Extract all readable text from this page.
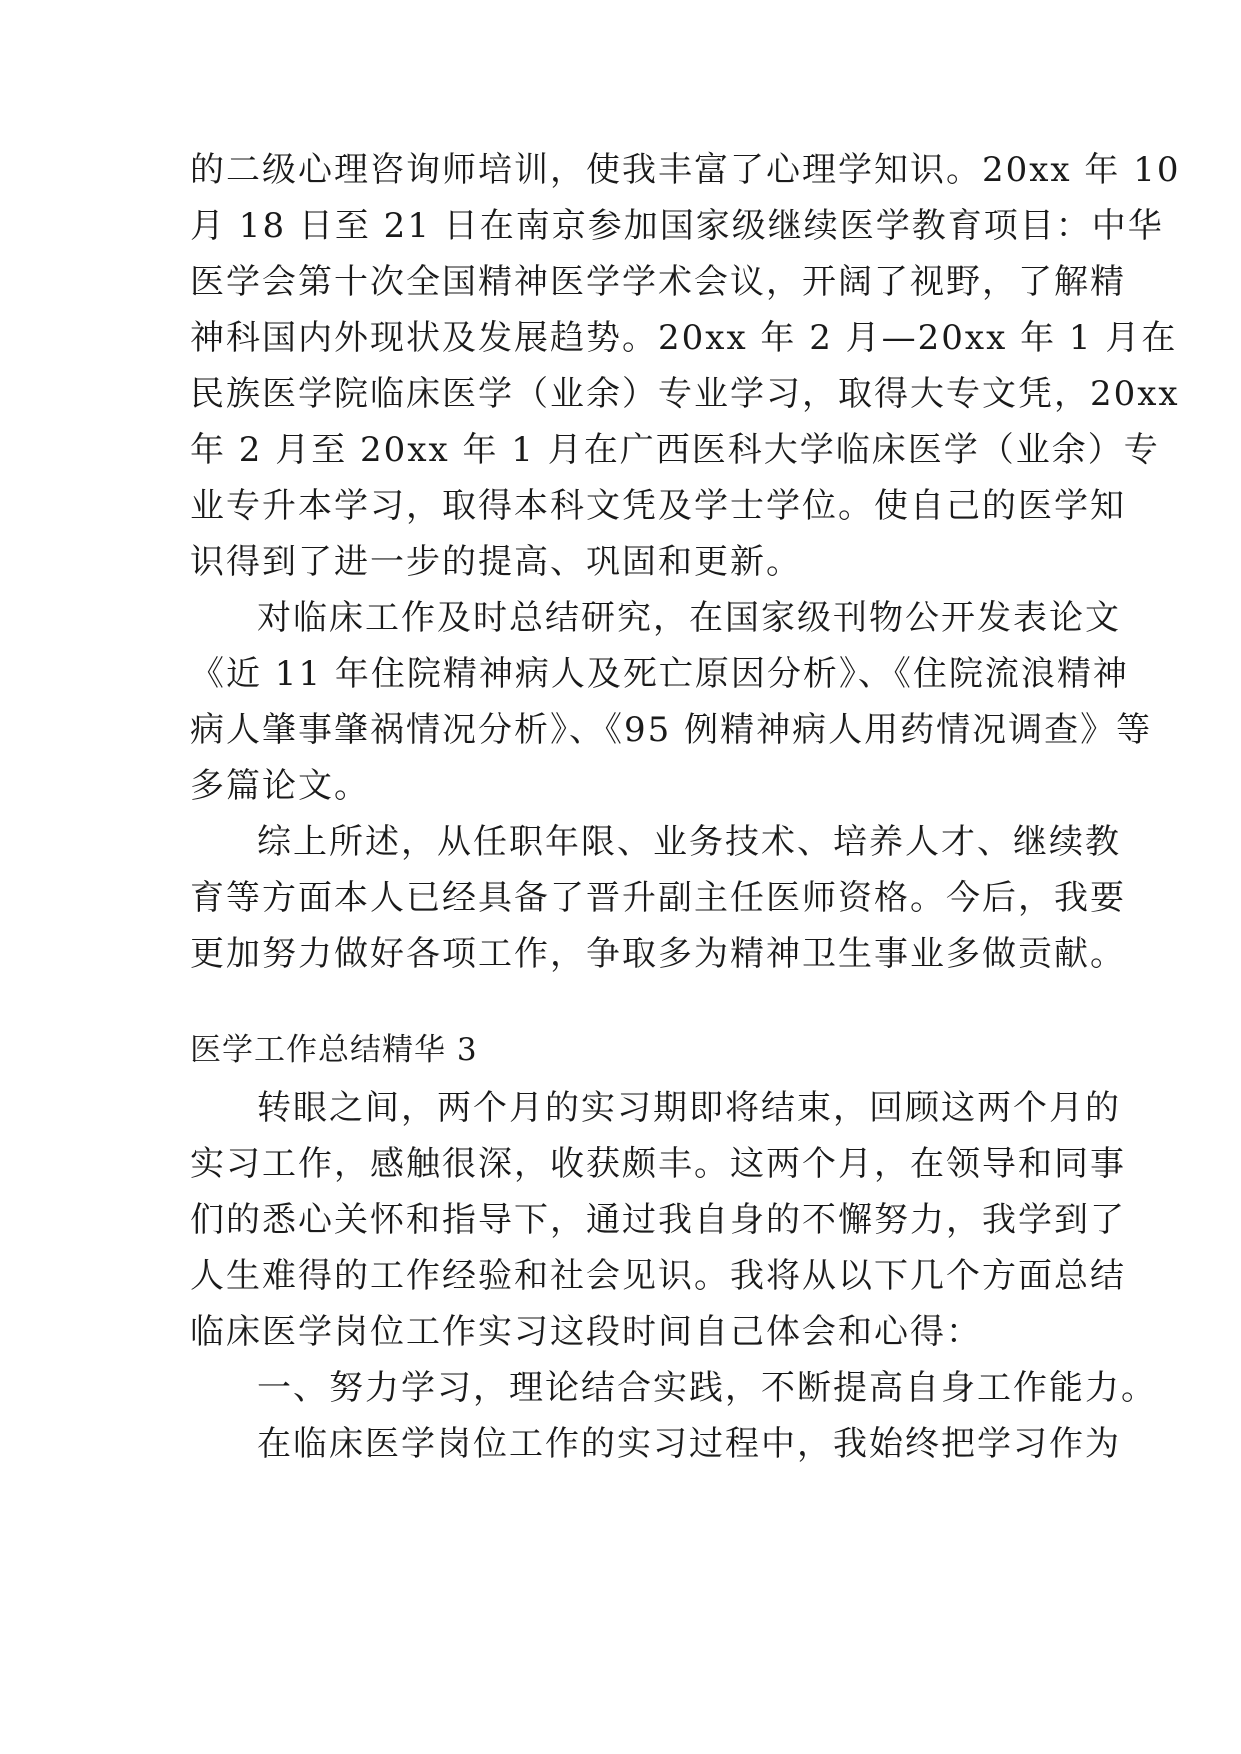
的二级心理咨询师培训，使我丰富了心理学知识。20xx 年 10
月 18 日至 21 日在南京参加国家级继续医学教育项目：中华
医学会第十次全国精神医学学术会议，开阔了视野，了解精
神科国内外现状及发展趋势。20xx 年 2 月—20xx 年 1 月在
民族医学院临床医学（业余）专业学习，取得大专文凭，20xx
年 2 月至 20xx 年 1 月在广西医科大学临床医学（业余）专
业专升本学习，取得本科文凭及学士学位。使自己的医学知
识得到了进一步的提高、巩固和更新。
对临床工作及时总结研究，在国家级刊物公开发表论文
《近 11 年住院精神病人及死亡原因分析》、《住院流浪精神
病人肇事肇祸情况分析》、《95 例精神病人用药情况调查》等
多篇论文。
综上所述，从任职年限、业务技术、培养人才、继续教
育等方面本人已经具备了晋升副主任医师资格。今后，我要
更加努力做好各项工作，争取多为精神卫生事业多做贡献。
医学工作总结精华 3
转眼之间，两个月的实习期即将结束，回顾这两个月的
实习工作，感触很深，收获颇丰。这两个月，在领导和同事
们的悉心关怀和指导下，通过我自身的不懈努力，我学到了
人生难得的工作经验和社会见识。我将从以下几个方面总结
临床医学岗位工作实习这段时间自己体会和心得：
一、努力学习，理论结合实践，不断提高自身工作能力。
在临床医学岗位工作的实习过程中，我始终把学习作为
